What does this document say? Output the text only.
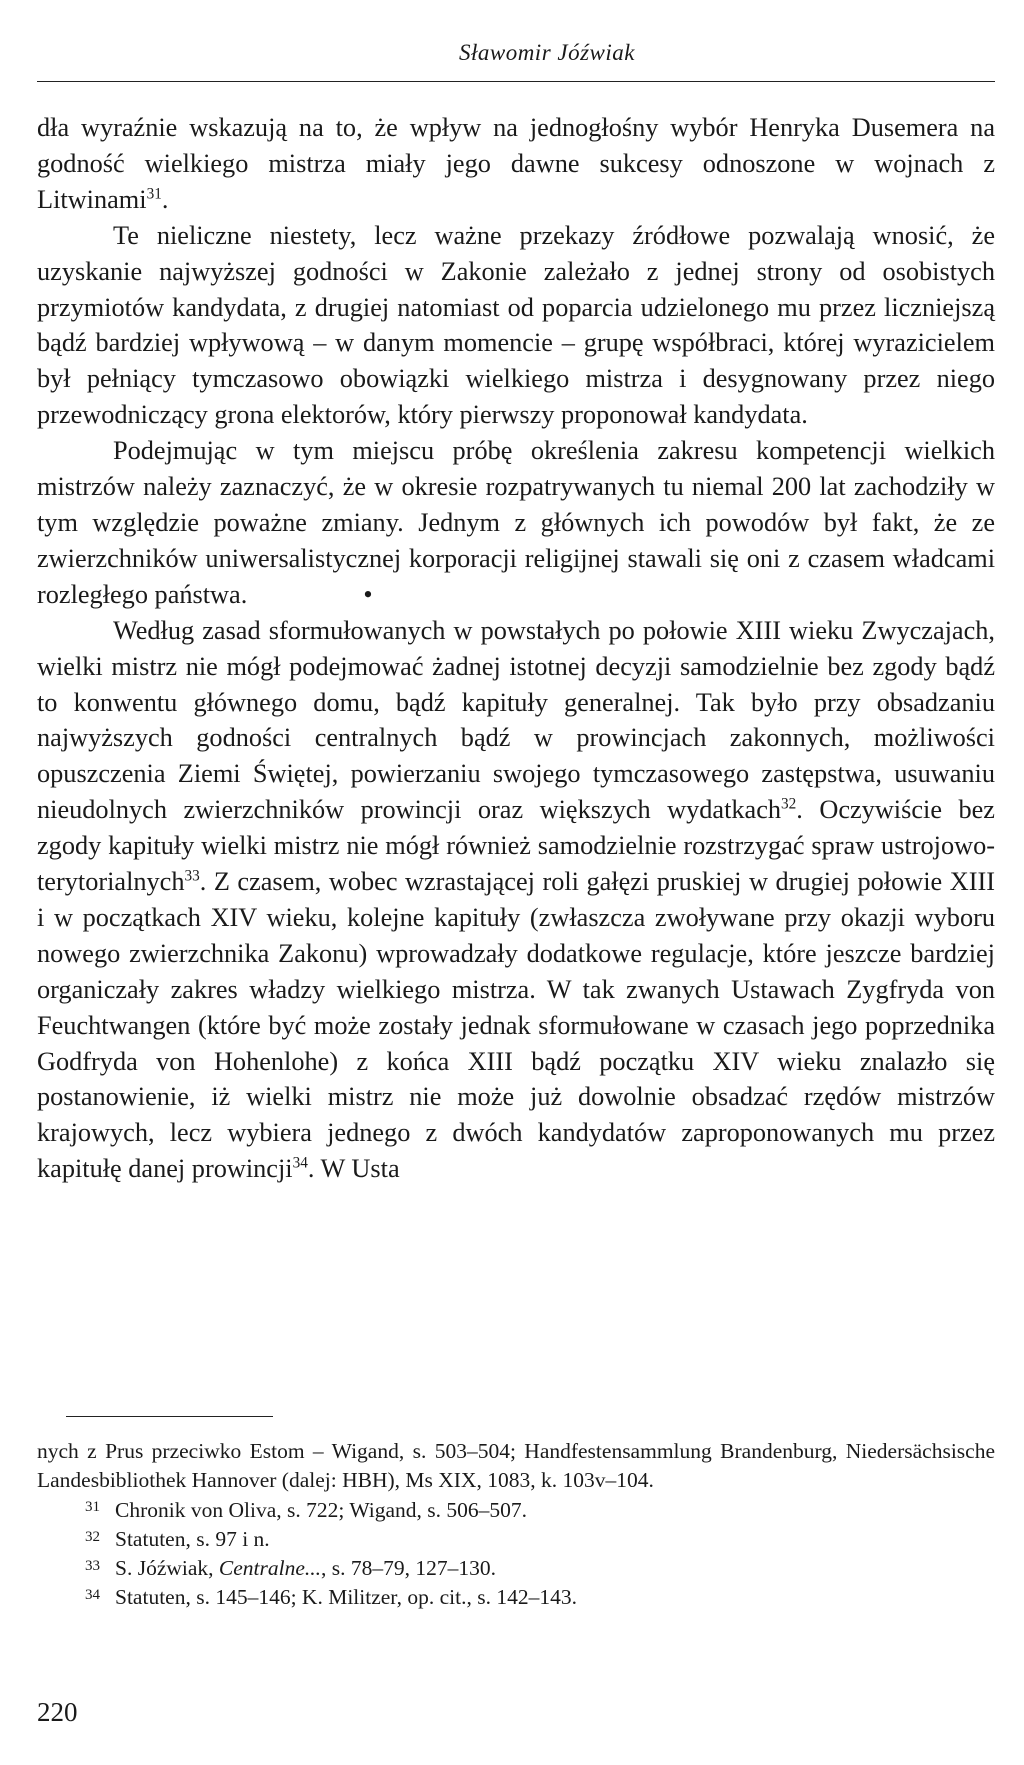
Sławomir Jóźwiak

dła wyraźnie wskazują na to, że wpływ na jednogłośny wybór Henryka Dusemera na godność wielkiego mistrza miały jego dawne sukcesy odnoszone w wojnach z Litwinami$^{31}$.

Te nieliczne niestety, lecz ważne przekazy źródłowe pozwalają wnosić, że uzyskanie najwyższej godności w Zakonie zależało z jednej strony od osobistych przymiotów kandydata, z drugiej natomiast od poparcia udzielonego mu przez liczniejszą bądź bardziej wpływową – w danym momencie – grupę współbraci, której wyrazicielem był pełniący tymczasowo obowiązki wielkiego mistrza i desygnowany przez niego przewodniczący grona elektorów, który pierwszy proponował kandydata.

Podejmując w tym miejscu próbę określenia zakresu kompetencji wielkich mistrzów należy zaznaczyć, że w okresie rozpatrywanych tu niemal 200 lat zachodziły w tym względzie poważne zmiany. Jednym z głównych ich powodów był fakt, że ze zwierzchników uniwersalistycznej korporacji religijnej stawali się oni z czasem władcami rozległego państwa.	•

Według zasad sformułowanych w powstałych po połowie XIII wieku Zwyczajach, wielki mistrz nie mógł podejmować żadnej istotnej decyzji samodzielnie bez zgody bądź to konwentu głównego domu, bądź kapituły generalnej. Tak było przy obsadzaniu najwyższych godności centralnych bądź w prowincjach zakonnych, możliwości opuszczenia Ziemi Świętej, powierzaniu swojego tymczasowego zastępstwa, usuwaniu nieudolnych zwierzchników prowincji oraz większych wydatkach$^{32}$. Oczywiście bez zgody kapituły wielki mistrz nie mógł również samodzielnie rozstrzygać spraw ustrojowo-terytorialnych$^{33}$. Z czasem, wobec wzrastającej roli gałęzi pruskiej w drugiej połowie XIII i w początkach XIV wieku, kolejne kapituły (zwłaszcza zwoływane przy okazji wyboru nowego zwierzchnika Zakonu) wprowadzały dodatkowe regulacje, które jeszcze bardziej organiczały zakres władzy wielkiego mistrza. W tak zwanych Ustawach Zygfryda von Feuchtwangen (które być może zostały jednak sformułowane w czasach jego poprzednika Godfryda von Hohenlohe) z końca XIII bądź początku XIV wieku znalazło się postanowienie, iż wielki mistrz nie może już dowolnie obsadzać rzędów mistrzów krajowych, lecz wybiera jednego z dwóch kandydatów zaproponowanych mu przez kapitułę danej prowincji$^{34}$. W Usta

nych z Prus przeciwko Estom – Wigand, s. 503–504; Handfestensammlung Brandenburg, Niedersächsische Landesbibliothek Hannover (dalej: HBH), Ms XIX, 1083, k. 103v–104.

31 Chronik von Oliva, s. 722; Wigand, s. 506–507.

32 Statuten, s. 97 i n.

33 S. Jóźwiak, Centralne..., s. 78–79, 127–130.

34 Statuten, s. 145–146; K. Militzer, op. cit., s. 142–143.

220
